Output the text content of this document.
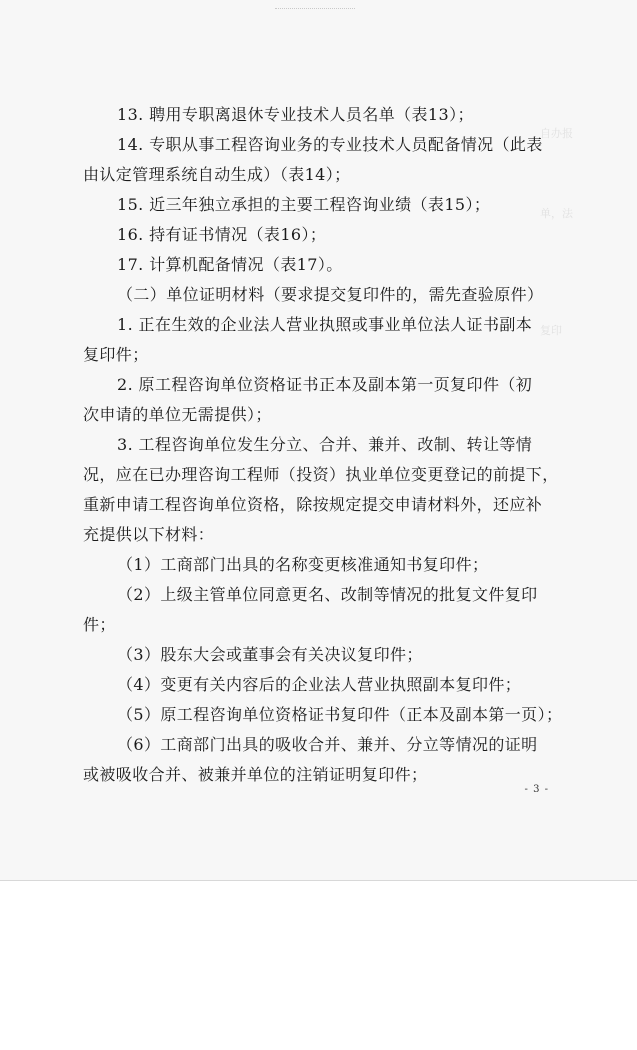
自办报
单，法
复印
13. 聘用专职离退休专业技术人员名单（表13）；
14. 专职从事工程咨询业务的专业技术人员配备情况（此表
由认定管理系统自动生成）（表14）；
15. 近三年独立承担的主要工程咨询业绩（表15）；
16. 持有证书情况（表16）；
17. 计算机配备情况（表17）。
（二）单位证明材料（要求提交复印件的，需先查验原件）
1. 正在生效的企业法人营业执照或事业单位法人证书副本
复印件；
2. 原工程咨询单位资格证书正本及副本第一页复印件（初
次申请的单位无需提供）；
3. 工程咨询单位发生分立、合并、兼并、改制、转让等情
况，应在已办理咨询工程师（投资）执业单位变更登记的前提下，
重新申请工程咨询单位资格，除按规定提交申请材料外，还应补
充提供以下材料：
（1）工商部门出具的名称变更核准通知书复印件；
（2）上级主管单位同意更名、改制等情况的批复文件复印
件；
（3）股东大会或董事会有关决议复印件；
（4）变更有关内容后的企业法人营业执照副本复印件；
（5）原工程咨询单位资格证书复印件（正本及副本第一页）；
（6）工商部门出具的吸收合并、兼并、分立等情况的证明
或被吸收合并、被兼并单位的注销证明复印件；
- 3 -
